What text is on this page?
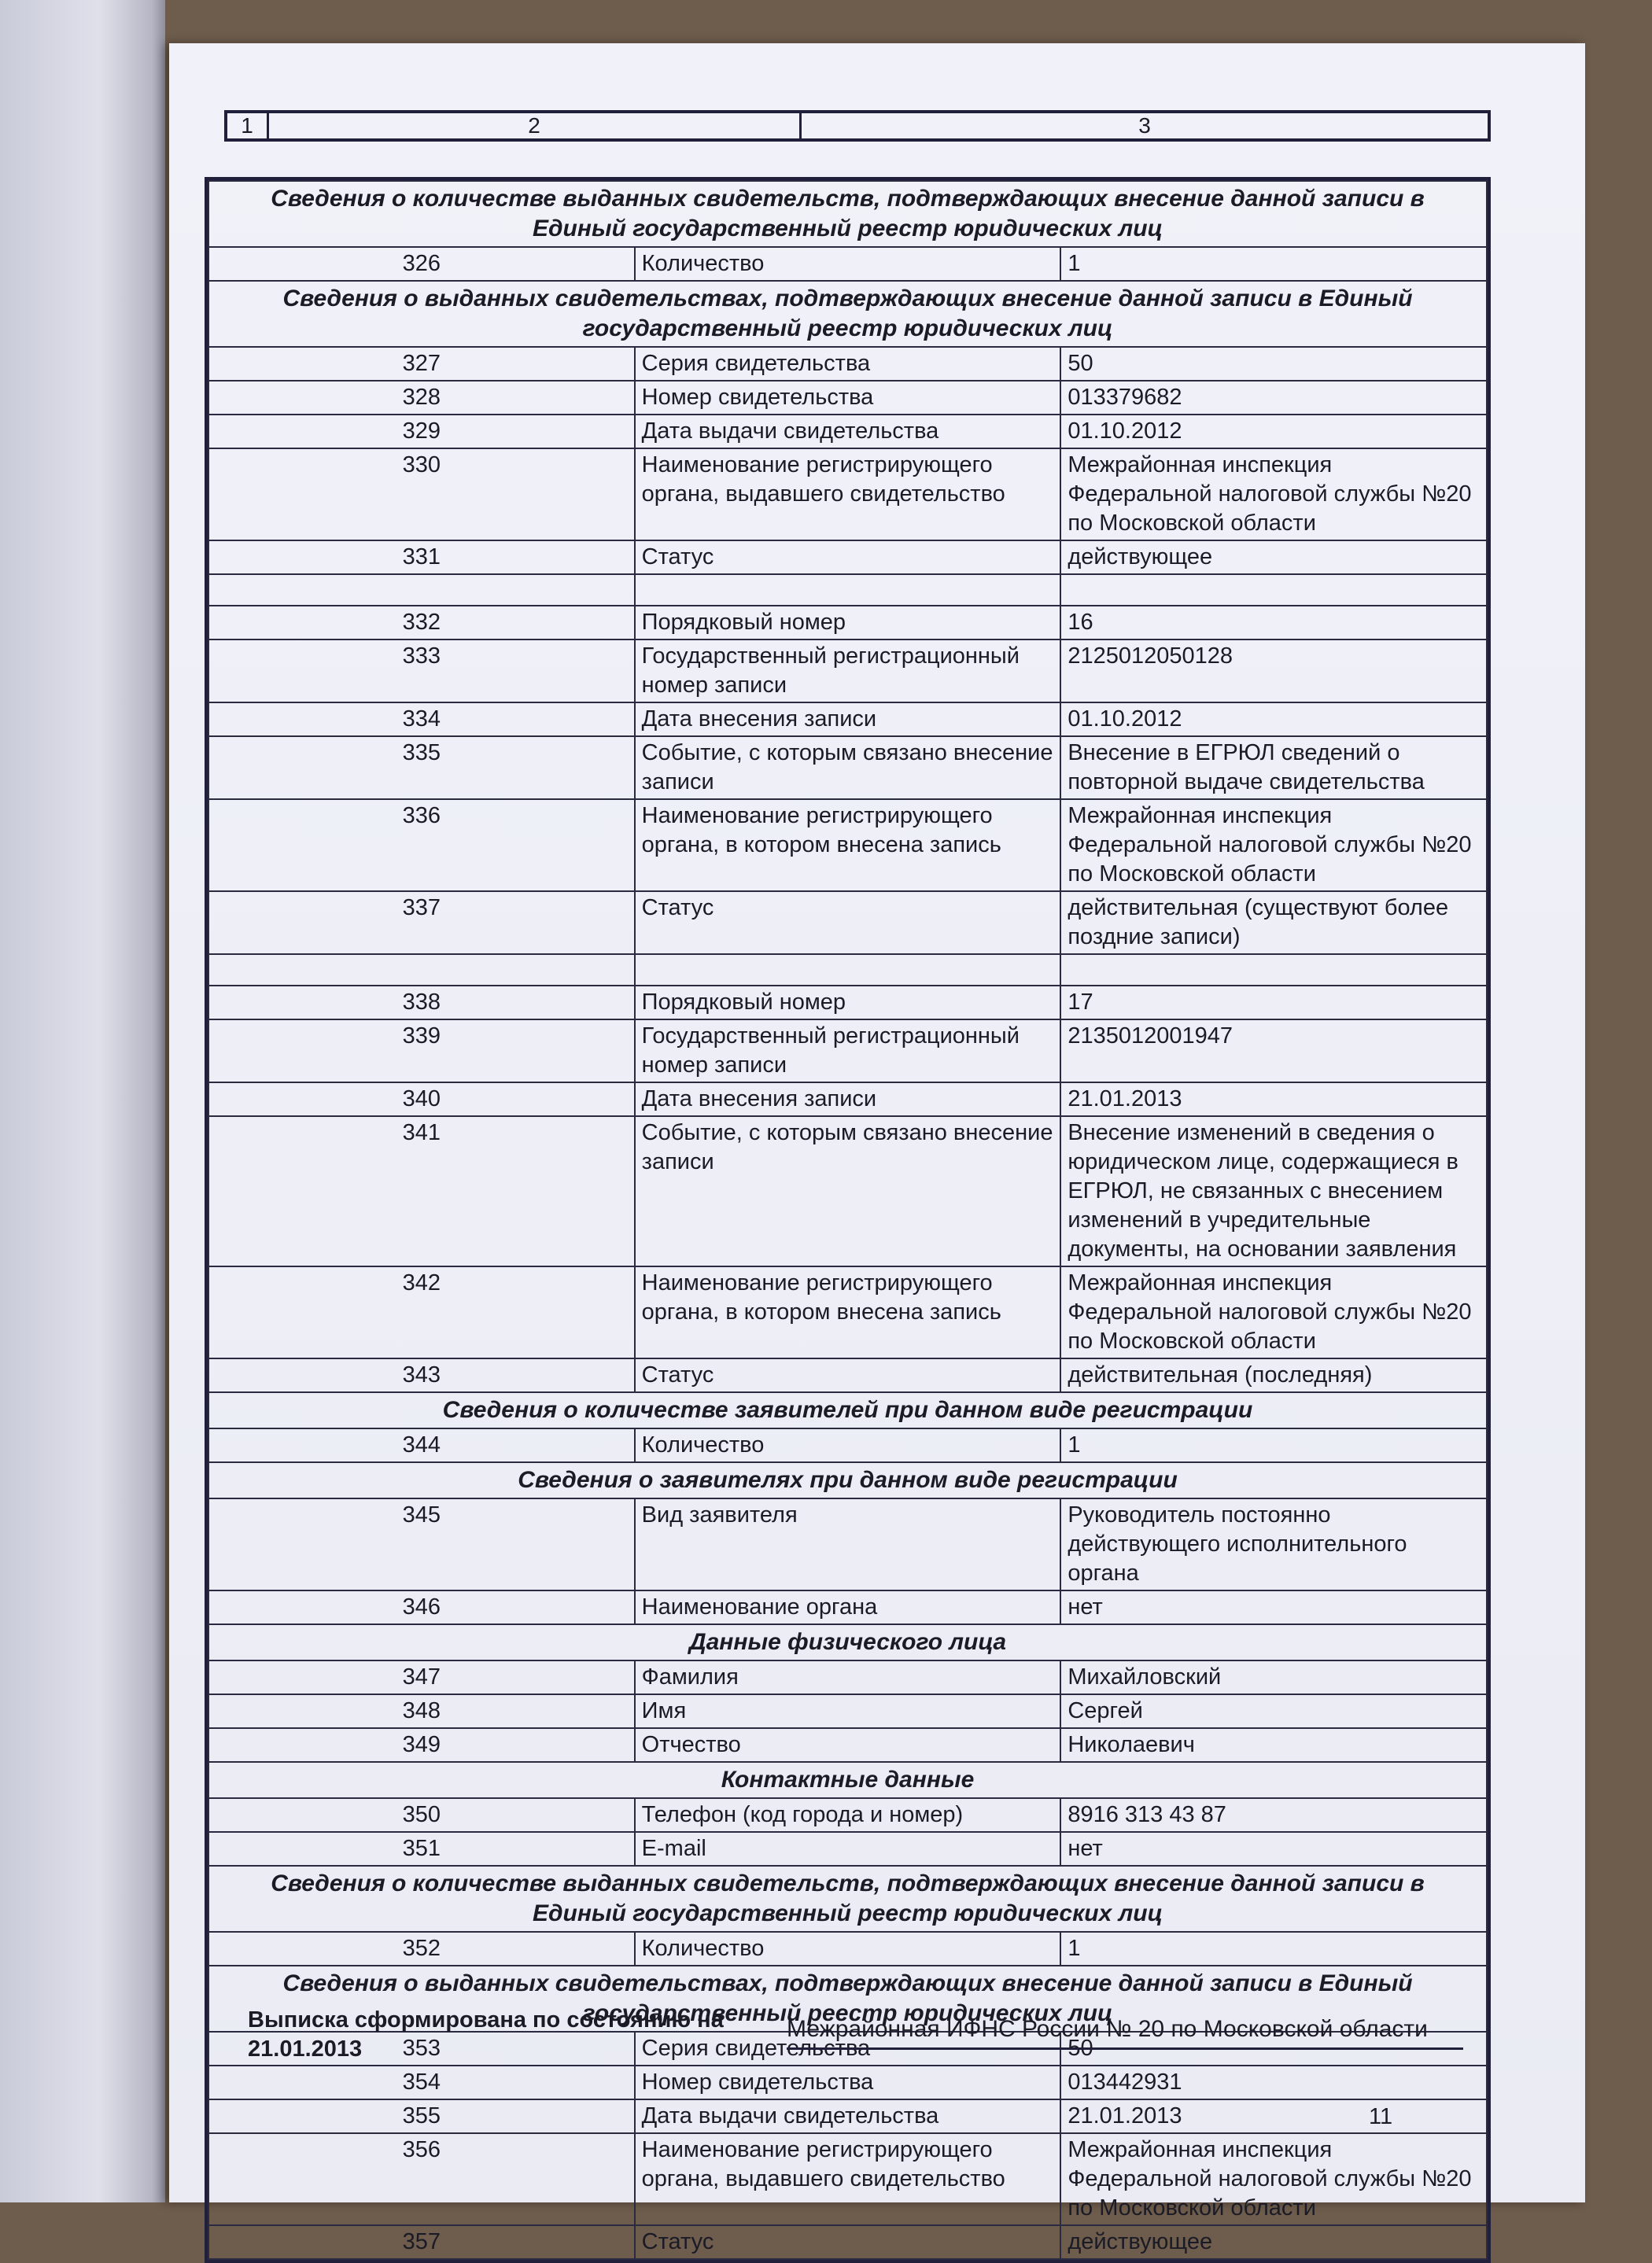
1	2	3
Сведения о количестве выданных свидетельств, подтверждающих внесение данной записи в Единый государственный реестр юридических лиц		
326	Количество	1
Сведения о выданных свидетельствах, подтверждающих внесение данной записи в Единый государственный реестр юридических лиц		
327	Серия свидетельства	50
328	Номер свидетельства	013379682
329	Дата выдачи свидетельства	01.10.2012
330	Наименование регистрирующего органа, выдавшего свидетельство	Межрайонная инспекция Федеральной налоговой службы №20 по Московской области
331	Статус	действующее

332	Порядковый номер	16
333	Государственный регистрационный номер записи	2125012050128
334	Дата внесения записи	01.10.2012
335	Событие, с которым связано внесение записи	Внесение в ЕГРЮЛ сведений о повторной выдаче свидетельства
336	Наименование регистрирующего органа, в котором внесена запись	Межрайонная инспекция Федеральной налоговой службы №20 по Московской области
337	Статус	действительная (существуют более поздние записи)

338	Порядковый номер	17
339	Государственный регистрационный номер записи	2135012001947
340	Дата внесения записи	21.01.2013
341	Событие, с которым связано внесение записи	Внесение изменений в сведения о юридическом лице, содержащиеся в ЕГРЮЛ, не связанных с внесением изменений в учредительные документы, на основании заявления
342	Наименование регистрирующего органа, в котором внесена запись	Межрайонная инспекция Федеральной налоговой службы №20 по Московской области
343	Статус	действительная (последняя)
Сведения о количестве заявителей при данном виде регистрации		
344	Количество	1
Сведения о заявителях при данном виде регистрации		
345	Вид заявителя	Руководитель постоянно действующего исполнительного органа
346	Наименование органа	нет
Данные физического лица		
347	Фамилия	Михайловский
348	Имя	Сергей
349	Отчество	Николаевич
Контактные данные		
350	Телефон (код города и номер)	8916 313 43 87
351	E-mail	нет
Сведения о количестве выданных свидетельств, подтверждающих внесение данной записи в Единый государственный реестр юридических лиц		
352	Количество	1
Сведения о выданных свидетельствах, подтверждающих внесение данной записи в Единый государственный реестр юридических лиц		
353	Серия свидетельства	50
354	Номер свидетельства	013442931
355	Дата выдачи свидетельства	21.01.2013
356	Наименование регистрирующего органа, выдавшего свидетельство	Межрайонная инспекция Федеральной налоговой службы №20 по Московской области
357	Статус	действующее
Выписка сформирована по состоянию на 21.01.2013
Межрайонная ИФНС России № 20 по Московской области
11
